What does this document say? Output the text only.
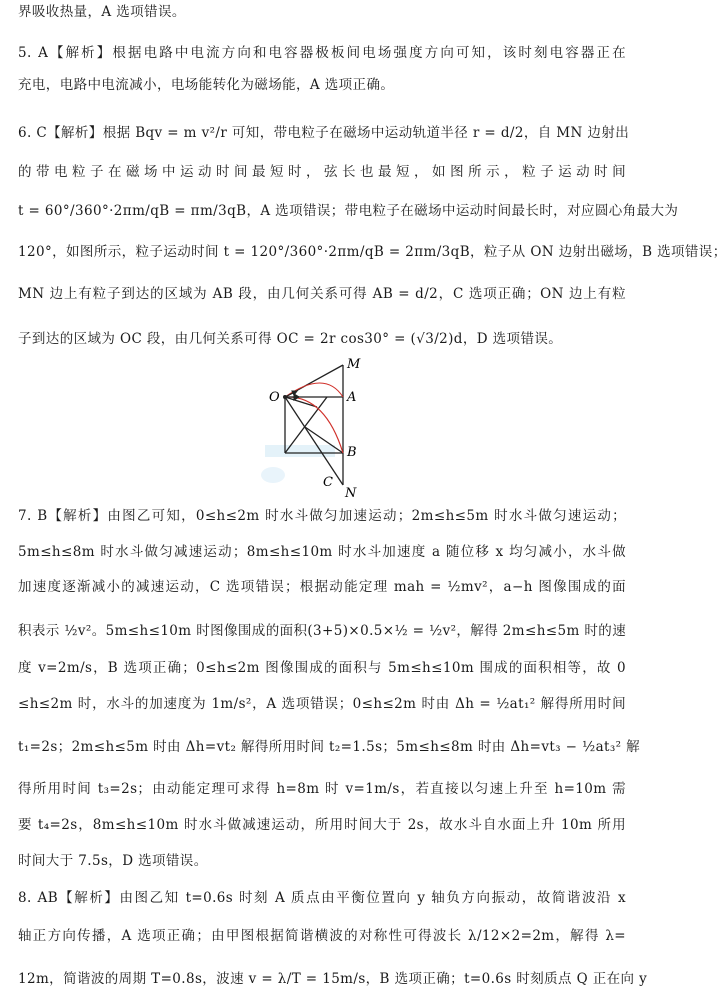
界吸收热量，A 选项错误。
5. A【解析】根据电路中电流方向和电容器极板间电场强度方向可知，该时刻电容器正在
充电，电路中电流减小，电场能转化为磁场能，A 选项正确。
6. C【解析】根据 Bqv = m v²/r 可知，带电粒子在磁场中运动轨道半径 r = d/2，自 MN 边射出
的带电粒子在磁场中运动时间最短时，弦长也最短，如图所示，粒子运动时间
t = 60°/360°·2πm/qB = πm/3qB，A 选项错误；带电粒子在磁场中运动时间最长时，对应圆心角最大为
120°，如图所示，粒子运动时间 t = 120°/360°·2πm/qB = 2πm/3qB，粒子从 ON 边射出磁场，B 选项错误；
MN 边上有粒子到达的区域为 AB 段，由几何关系可得 AB = d/2，C 选项正确；ON 边上有粒
子到达的区域为 OC 段，由几何关系可得 OC = 2r cos30° = (√3/2)d，D 选项错误。
M
A
O
B
C
N
7. B【解析】由图乙可知，0≤h≤2m 时水斗做匀加速运动；2m≤h≤5m 时水斗做匀速运动；
5m≤h≤8m 时水斗做匀减速运动；8m≤h≤10m 时水斗加速度 a 随位移 x 均匀减小，水斗做
加速度逐渐减小的减速运动，C 选项错误；根据动能定理 mah = ½mv²，a−h 图像围成的面
积表示 ½v²。5m≤h≤10m 时图像围成的面积(3+5)×0.5×½ = ½v²，解得 2m≤h≤5m 时的速
度 v=2m/s，B 选项正确；0≤h≤2m 图像围成的面积与 5m≤h≤10m 围成的面积相等，故 0
≤h≤2m 时，水斗的加速度为 1m/s²，A 选项错误；0≤h≤2m 时由 Δh = ½at₁² 解得所用时间
t₁=2s；2m≤h≤5m 时由 Δh=vt₂ 解得所用时间 t₂=1.5s；5m≤h≤8m 时由 Δh=vt₃ − ½at₃² 解
得所用时间 t₃=2s；由动能定理可求得 h=8m 时 v=1m/s，若直接以匀速上升至 h=10m 需
要 t₄=2s，8m≤h≤10m 时水斗做减速运动，所用时间大于 2s，故水斗自水面上升 10m 所用
时间大于 7.5s，D 选项错误。
8. AB【解析】由图乙知 t=0.6s 时刻 A 质点由平衡位置向 y 轴负方向振动，故简谐波沿 x
轴正方向传播，A 选项正确；由甲图根据简谐横波的对称性可得波长 λ/12×2=2m，解得 λ=
12m，简谐波的周期 T=0.8s，波速 v = λ/T = 15m/s，B 选项正确；t=0.6s 时刻质点 Q 正在向 y
